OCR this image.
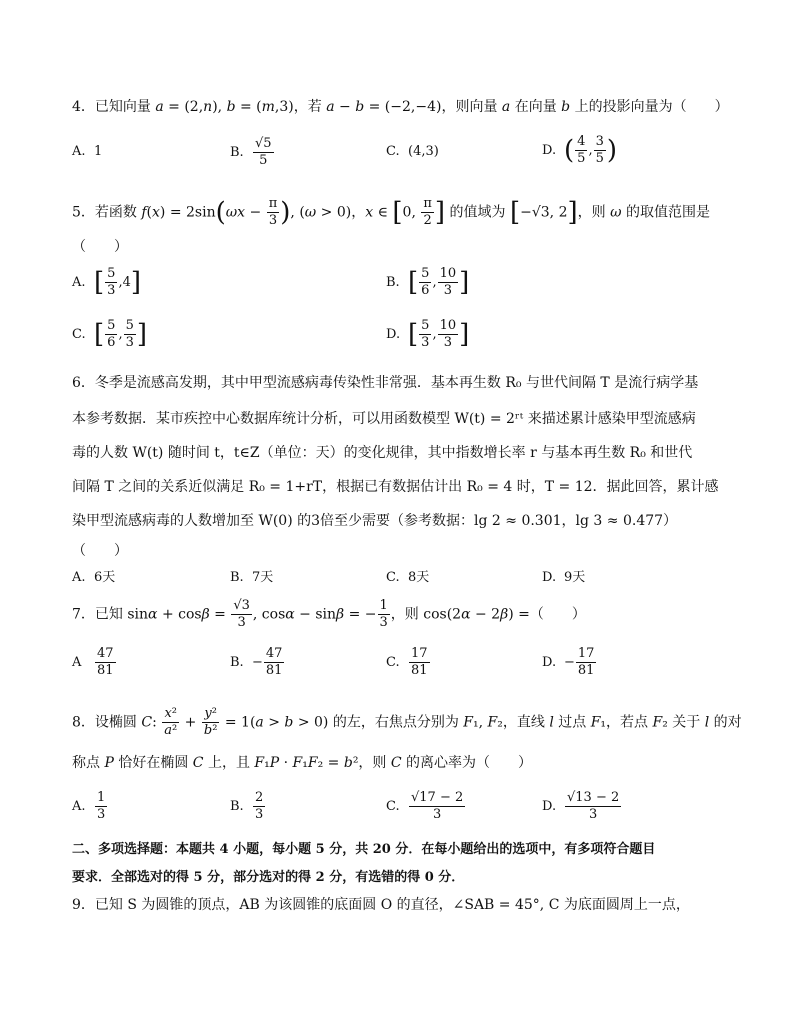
4．已知向量 a = (2,n), b = (m,3)，若 a − b = (−2,−4)，则向量 a 在向量 b 上的投影向量为（　　）
A. 1	B. $\frac{√5}{5}$	C. (4,3)	D. ( $\frac{4}{5}$ , $\frac{3}{5}$ )
5．若函数 $f(x) = 2\sin(\omega x - \frac{\pi}{3}$ ), (ω > 0)，x ∈ [0, $\frac{\pi}{2}$ ] 的值域为 [−√3, 2]，则 ω 的取值范围是
（　　）
A. [ $\frac{5}{3} ,4$]	B. [ $\frac{5}{6}$ , $\frac{10}{3}$ ]
C. [ $\frac{5}{6}$ , $\frac{5}{3}$ ]	D. [ $\frac{5}{3}$ , $\frac{10}{3}$ ]
6．冬季是流感高发期，其中甲型流感病毒传染性非常强．基本再生数 R₀ 与世代间隔 T 是流行病学基
本参考数据．某市疾控中心数据库统计分析，可以用函数模型 W(t) = 2ʳᵗ 来描述累计感染甲型流感病
毒的人数 W(t) 随时间 t，t∈Z（单位：天）的变化规律，其中指数增长率 r 与基本再生数 R₀ 和世代
间隔 T 之间的关系近似满足 R₀ = 1+rT，根据已有数据估计出 R₀ = 4 时，T = 12．据此回答，累计感
染甲型流感病毒的人数增加至 W(0) 的3倍至少需要（参考数据：lg 2 ≈ 0.301，lg 3 ≈ 0.477）
（　　）
A. 6天	B. 7天	C. 8天	D. 9天
7．已知 $\sin\alpha + \cos\beta = \frac{√3}{3}$ , cosα − sinβ = − $\frac{1}{3}$ ，则 cos(2α − 2β) =（　　）
A $\frac{47}{81}$	B. − $\frac{47}{81}$	C. $\frac{17}{81}$	D. − $\frac{17}{81}$
8．设椭圆 C: $\frac{\text{x²}}{\text{a²}} + \frac{\text{y²}}{\text{b²}} = 1(a > b > 0)$ 的左，右焦点分别为 F₁, F₂，直线 l 过点 F₁，若点 F₂ 关于 l 的对
称点 P 恰好在椭圆 C 上，且 F₁P · F₁F₂ = b²，则 C 的离心率为（　　）
A. $\frac{1}{3}$	B. $\frac{2}{3}$	C. $\frac{√17 - 2}{3}$	D. $\frac{√13 - 2}{3}$
二、多项选择题：本题共 4 小题，每小题 5 分，共 20 分．在每小题给出的选项中，有多项符合题目
要求．全部选对的得 5 分，部分选对的得 2 分，有选错的得 0 分．
9．已知 S 为圆锥的顶点，AB 为该圆锥的底面圆 O 的直径，∠SAB = 45°, C 为底面圆周上一点，
